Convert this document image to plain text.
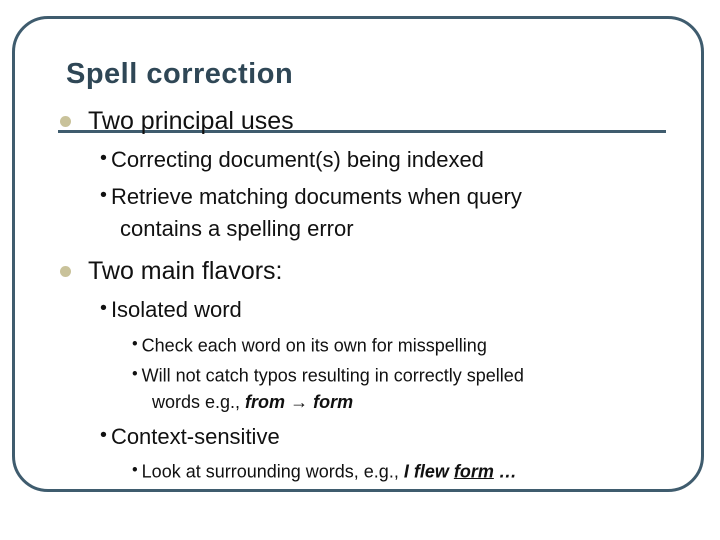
Spell correction
Two principal uses
• Correcting document(s) being indexed
• Retrieve matching documents when query
contains a spelling error
Two main flavors:
• Isolated word
• Check each word on its own for misspelling
• Will not catch typos resulting in correctly spelled
words e.g., from → form
• Context-sensitive
• Look at surrounding words, e.g., I flew form …
